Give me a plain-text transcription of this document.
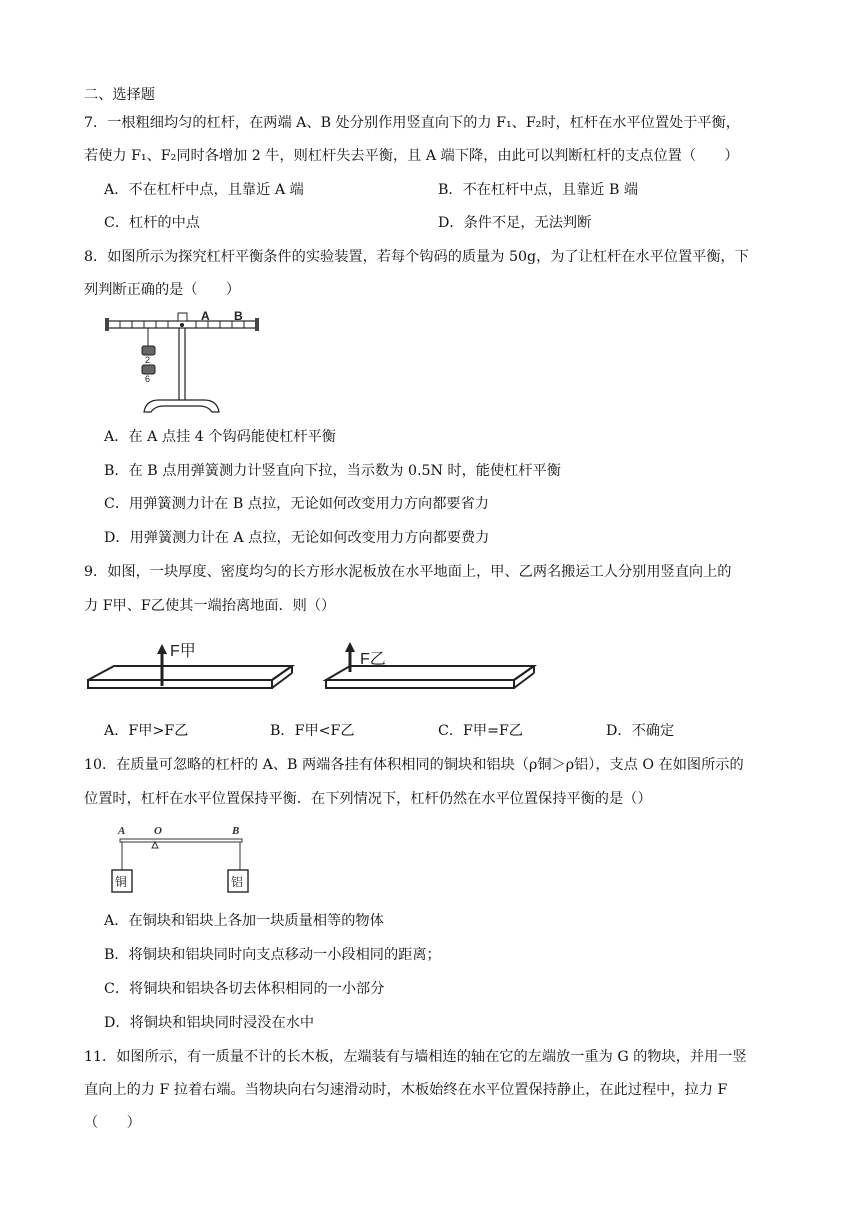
二、选择题
7．一根粗细均匀的杠杆，在两端 A、B 处分别作用竖直向下的力 F₁、F₂时，杠杆在水平位置处于平衡，
若使力 F₁、F₂同时各增加 2 牛，则杠杆失去平衡，且 A 端下降，由此可以判断杠杆的支点位置（　　）
A．不在杠杆中点，且靠近 A 端	B．不在杠杆中点，且靠近 B 端
C．杠杆的中点	D．条件不足，无法判断
8．如图所示为探究杠杆平衡条件的实验装置，若每个钩码的质量为 50g，为了让杠杆在水平位置平衡，下
列判断正确的是（　　）
2
6
A B
A．在 A 点挂 4 个钩码能使杠杆平衡
B．在 B 点用弹簧测力计竖直向下拉，当示数为 0.5N 时，能使杠杆平衡
C．用弹簧测力计在 B 点拉，无论如何改变用力方向都要省力
D．用弹簧测力计在 A 点拉，无论如何改变用力方向都要费力
9．如图，一块厚度、密度均匀的长方形水泥板放在水平地面上，甲、乙两名搬运工人分别用竖直向上的
力 F甲、F乙使其一端抬离地面．则（）
F甲	F乙
A．F甲>F乙	B．F甲<F乙	C．F甲=F乙	D．不确定
10．在质量可忽略的杠杆的 A、B 两端各挂有体积相同的铜块和铝块（ρ铜＞ρ铝），支点 O 在如图所示的
位置时，杠杆在水平位置保持平衡．在下列情况下，杠杆仍然在水平位置保持平衡的是（）
A	O	B
铜	铝
A．在铜块和铝块上各加一块质量相等的物体
B．将铜块和铝块同时向支点移动一小段相同的距离；
C．将铜块和铝块各切去体积相同的一小部分
D．将铜块和铝块同时浸没在水中
11．如图所示，有一质量不计的长木板，左端装有与墙相连的轴在它的左端放一重为 G 的物块，并用一竖
直向上的力 F 拉着右端。当物块向右匀速滑动时，木板始终在水平位置保持静止，在此过程中，拉力 F
（　　）
